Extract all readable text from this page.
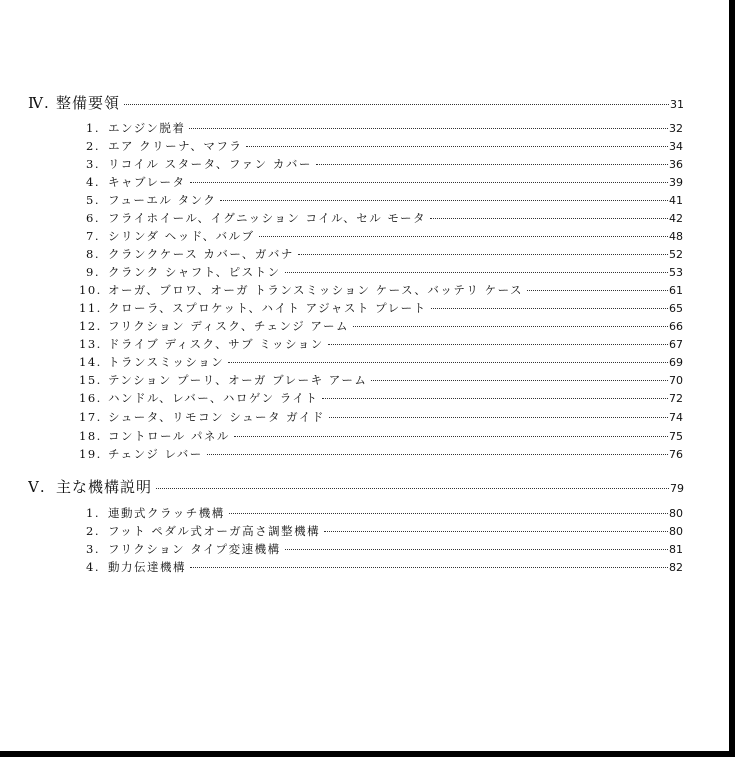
Ⅳ. 整備要領	31
1. エンジン脱着	32
2. エア クリーナ、マフラ	34
3. リコイル スタータ、ファン カバー	36
4. キャブレータ	39
5. フューエル タンク	41
6. フライホイール、イグニッション コイル、セル モータ	42
7. シリンダ ヘッド、バルブ	48
8. クランクケース カバー、ガバナ	52
9. クランク シャフト、ピストン	53
10. オーガ、ブロワ、オーガ トランスミッション ケース、バッテリ ケース	61
11. クローラ、スプロケット、ハイト アジャスト プレート	65
12. フリクション ディスク、チェンジ アーム	66
13. ドライブ ディスク、サブ ミッション	67
14. トランスミッション	69
15. テンション プーリ、オーガ ブレーキ アーム	70
16. ハンドル、レバー、ハロゲン ライト	72
17. シュータ、リモコン シュータ ガイド	74
18. コントロール パネル	75
19. チェンジ レバー	76
Ⅴ. 主な機構説明	79
1. 連動式クラッチ機構	80
2. フット ペダル式オーガ高さ調整機構	80
3. フリクション タイプ変速機構	81
4. 動力伝達機構	82
